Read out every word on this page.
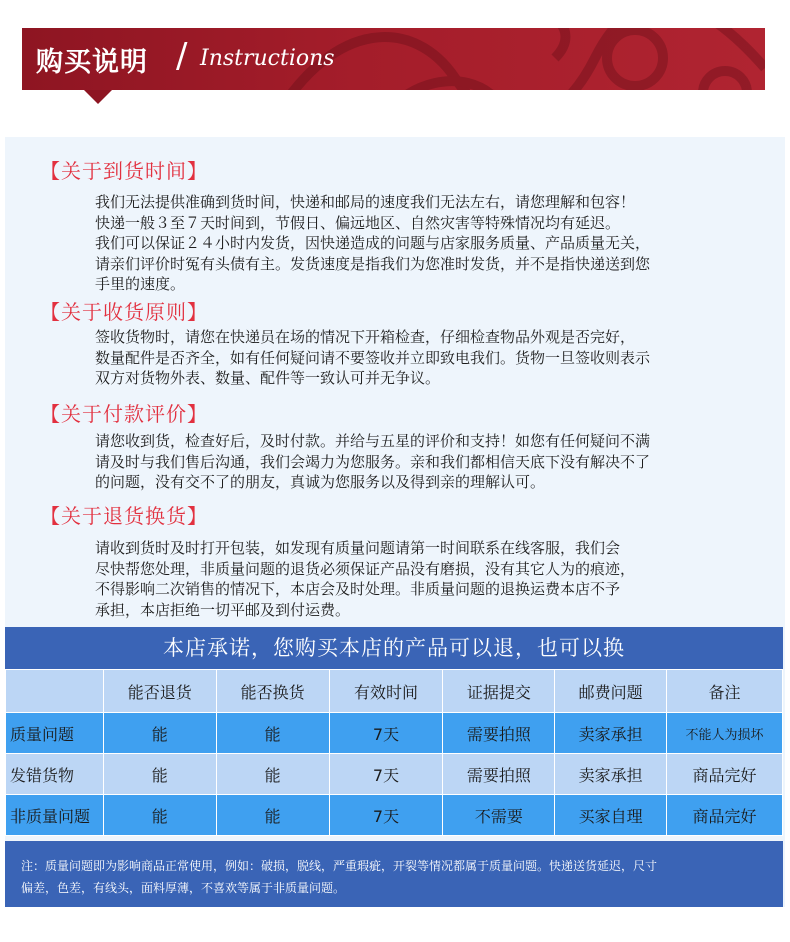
购买说明 / Instructions
【关于到货时间】
我们无法提供准确到货时间，快递和邮局的速度我们无法左右，请您理解和包容！
快递一般３至７天时间到，节假日、偏远地区、自然灾害等特殊情况均有延迟。
我们可以保证２４小时内发货，因快递造成的问题与店家服务质量、产品质量无关，
请亲们评价时冤有头债有主。发货速度是指我们为您准时发货，并不是指快递送到您
手里的速度。
【关于收货原则】
签收货物时，请您在快递员在场的情况下开箱检查，仔细检查物品外观是否完好，
数量配件是否齐全，如有任何疑问请不要签收并立即致电我们。货物一旦签收则表示
双方对货物外表、数量、配件等一致认可并无争议。
【关于付款评价】
请您收到货，检查好后，及时付款。并给与五星的评价和支持！如您有任何疑问不满
请及时与我们售后沟通，我们会竭力为您服务。亲和我们都相信天底下没有解决不了
的问题，没有交不了的朋友，真诚为您服务以及得到亲的理解认可。
【关于退货换货】
请收到货时及时打开包装，如发现有质量问题请第一时间联系在线客服，我们会
尽快帮您处理，非质量问题的退货必须保证产品没有磨损，没有其它人为的痕迹，
不得影响二次销售的情况下，本店会及时处理。非质量问题的退换运费本店不予
承担，本店拒绝一切平邮及到付运费。
本店承诺，您购买本店的产品可以退，也可以换
	能否退货	能否换货	有效时间	证据提交	邮费问题	备注
质量问题	能	能	7天	需要拍照	卖家承担	不能人为损坏
发错货物	能	能	7天	需要拍照	卖家承担	商品完好
非质量问题	能	能	7天	不需要	买家自理	商品完好
注：质量问题即为影响商品正常使用，例如：破损，脱线，严重瑕疵，开裂等情况都属于质量问题。快递送货延迟，尺寸
偏差，色差，有线头，面料厚薄，不喜欢等属于非质量问题。
